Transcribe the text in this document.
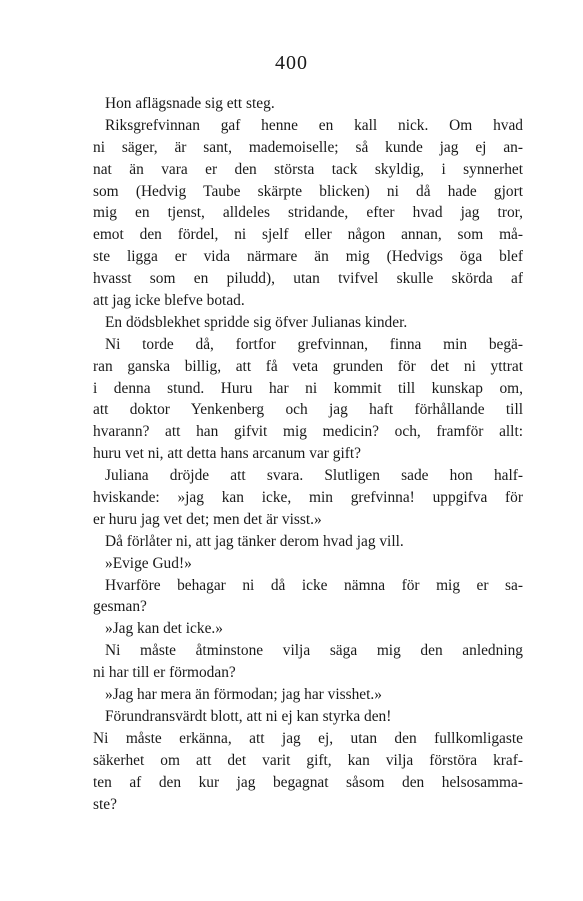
400
Hon aflägsnade sig ett steg.
Riksgrefvinnan gaf henne en kall nick. Om hvad
ni säger, är sant, mademoiselle; så kunde jag ej an-
nat än vara er den största tack skyldig, i synnerhet
som (Hedvig Taube skärpte blicken) ni då hade gjort
mig en tjenst, alldeles stridande, efter hvad jag tror,
emot den fördel, ni sjelf eller någon annan, som må-
ste ligga er vida närmare än mig (Hedvigs öga blef
hvasst som en piludd), utan tvifvel skulle skörda af
att jag icke blefve botad.
En dödsblekhet spridde sig öfver Julianas kinder.
Ni torde då, fortfor grefvinnan, finna min begä-
ran ganska billig, att få veta grunden för det ni yttrat
i denna stund. Huru har ni kommit till kunskap om,
att doktor Yenkenberg och jag haft förhållande till
hvarann? att han gifvit mig medicin? och, framför allt:
huru vet ni, att detta hans arcanum var gift?
Juliana dröjde att svara. Slutligen sade hon half-
hviskande: »jag kan icke, min grefvinna! uppgifva för
er huru jag vet det; men det är visst.»
Då förlåter ni, att jag tänker derom hvad jag vill.
»Evige Gud!»
Hvarföre behagar ni då icke nämna för mig er sa-
gesman?
»Jag kan det icke.»
Ni måste åtminstone vilja säga mig den anledning
ni har till er förmodan?
»Jag har mera än förmodan; jag har visshet.»
Förundransvärdt blott, att ni ej kan styrka den!
Ni måste erkänna, att jag ej, utan den fullkomligaste
säkerhet om att det varit gift, kan vilja förstöra kraf-
ten af den kur jag begagnat såsom den helsosamma-
ste?
